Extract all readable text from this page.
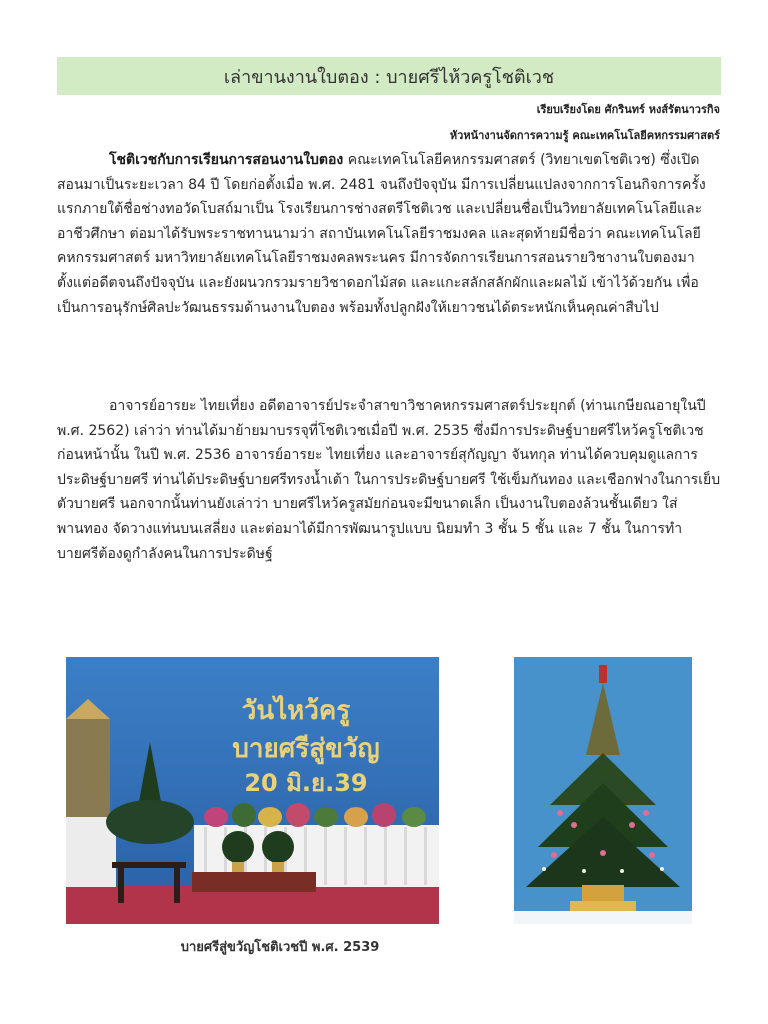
เล่าขานงานใบตอง : บายศรีไห้วครูโชติเวช
เรียบเรียงโดย ศักรินทร์ หงส์รัตนาวรกิจ
หัวหน้างานจัดการความรู้ คณะเทคโนโลยีคหกรรมศาสตร์
โชติเวชกับการเรียนการสอนงานใบตอง คณะเทคโนโลยีคหกรรมศาสตร์ (วิทยาเขตโชติเวช) ซึ่งเปิดสอนมาเป็นระยะเวลา 84 ปี โดยก่อตั้งเมื่อ พ.ศ. 2481 จนถึงปัจจุบัน มีการเปลี่ยนแปลงจากการโอนกิจการครั้งแรกภายใต้ชื่อช่างทอวัดโบสถ์มาเป็น โรงเรียนการช่างสตรีโชติเวช และเปลี่ยนชื่อเป็นวิทยาลัยเทคโนโลยีและอาชีวศึกษา ต่อมาได้รับพระราชทานนามว่า สถาบันเทคโนโลยีราชมงคล และสุดท้ายมีชื่อว่า คณะเทคโนโลยี คหกรรมศาสตร์ มหาวิทยาลัยเทคโนโลยีราชมงคลพระนคร มีการจัดการเรียนการสอนรายวิชางานใบตองมาตั้งแต่อดีตจนถึงปัจจุบัน และยังผนวกรวมรายวิชาดอกไม้สด และแกะสลักสลักผักและผลไม้ เข้าไว้ด้วยกัน เพื่อเป็นการอนุรักษ์ศิลปะวัฒนธรรมด้านงานใบตอง พร้อมทั้งปลูกฝังให้เยาวชนได้ตระหนักเห็นคุณค่าสืบไป
อาจารย์อารยะ ไทยเที่ยง อดีตอาจารย์ประจำสาขาวิชาคหกรรมศาสตร์ประยุกต์ (ท่านเกษียณอายุในปี พ.ศ. 2562) เล่าว่า ท่านได้มาย้ายมาบรรจุที่โชติเวชเมื่อปี พ.ศ. 2535 ซึ่งมีการประดิษฐ์บายศรีไหว้ครูโชติเวชก่อนหน้านั้น ในปี พ.ศ. 2536 อาจารย์อารยะ ไทยเที่ยง และอาจารย์สุกัญญา จันทกุล ท่านได้ควบคุมดูแลการประดิษฐ์บายศรี ท่านได้ประดิษฐ์บายศรีทรงน้ำเต้า ในการประดิษฐ์บายศรี ใช้เข็มกันทอง และเชือกฟางในการเย็บตัวบายศรี นอกจากนั้นท่านยังเล่าว่า บายศรีไหว้ครูสมัยก่อนจะมีขนาดเล็ก เป็นงานใบตองล้วนชั้นเดียว ใส่พานทอง จัดวางแท่นบนเสลี่ยง และต่อมาได้มีการพัฒนารูปแบบ นิยมทำ 3 ชั้น 5 ชั้น และ 7 ชั้น ในการทำบายศรีต้องดูกำลังคนในการประดิษฐ์
วันไหว้ครู
บายศรีสู่ขวัญ
20 มิ.ย.39
บายศรีสู่ขวัญโชติเวชปี พ.ศ. 2539
